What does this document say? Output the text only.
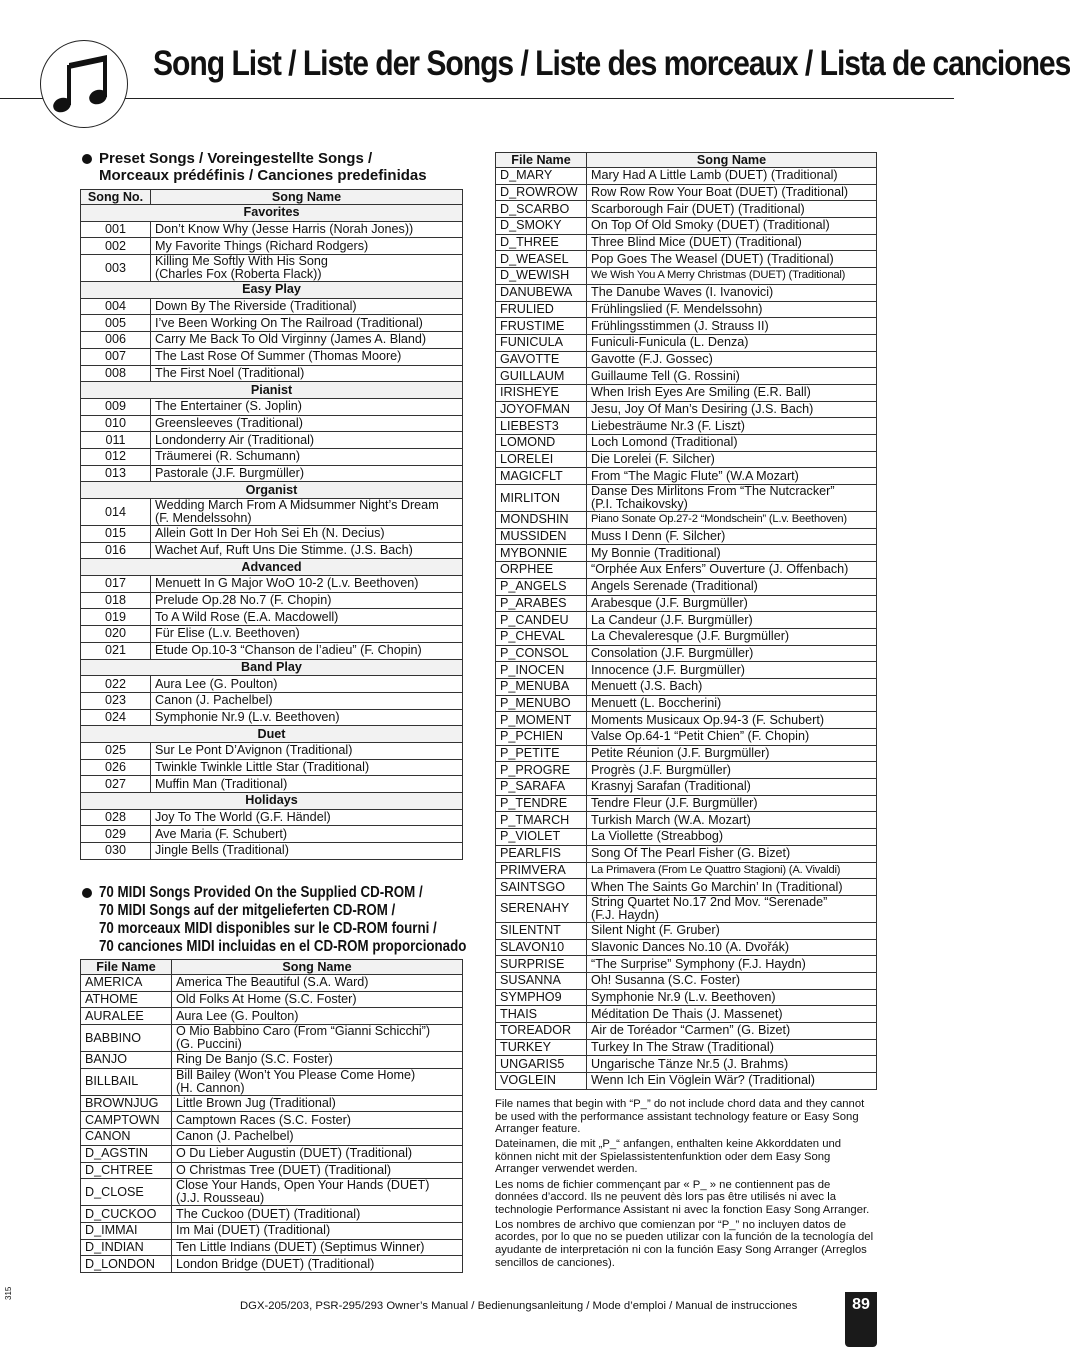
Song List / Liste der Songs / Liste des morceaux / Lista de canciones
Preset Songs / Voreingestellte Songs /
Morceaux prédéfinis / Canciones predefinidas
Song No.	Song Name
Favorites	
001	Don’t Know Why (Jesse Harris (Norah Jones))

002	My Favorite Things (Richard Rodgers)

003	Killing Me Softly With His Song
(Charles Fox (Roberta Flack))

Easy Play	
004	Down By The Riverside (Traditional)

005	I’ve Been Working On The Railroad (Traditional)

006	Carry Me Back To Old Virginny (James A. Bland)

007	The Last Rose Of Summer (Thomas Moore)

008	The First Noel (Traditional)

Pianist	
009	The Entertainer (S. Joplin)

010	Greensleeves (Traditional)

011	Londonderry Air (Traditional)

012	Träumerei (R. Schumann)

013	Pastorale (J.F. Burgmüller)

Organist	
014	Wedding March From A Midsummer Night’s Dream
(F. Mendelssohn)

015	Allein Gott In Der Hoh Sei Eh (N. Decius)

016	Wachet Auf, Ruft Uns Die Stimme. (J.S. Bach)

Advanced	
017	Menuett In G Major WoO 10-2 (L.v. Beethoven)

018	Prelude Op.28 No.7 (F. Chopin)

019	To A Wild Rose (E.A. Macdowell)

020	Für Elise (L.v. Beethoven)

021	Etude Op.10-3 “Chanson de l’adieu” (F. Chopin)

Band Play	
022	Aura Lee (G. Poulton)

023	Canon (J. Pachelbel)

024	Symphonie Nr.9 (L.v. Beethoven)

Duet	
025	Sur Le Pont D’Avignon (Traditional)

026	Twinkle Twinkle Little Star (Traditional)

027	Muffin Man (Traditional)

Holidays	
028	Joy To The World (G.F. Händel)

029	Ave Maria (F. Schubert)

030	Jingle Bells (Traditional)
70 MIDI Songs Provided On the Supplied CD-ROM /
70 MIDI Songs auf der mitgelieferten CD-ROM /
70 morceaux MIDI disponibles sur le CD-ROM fourni /
70 canciones MIDI incluidas en el CD-ROM proporcionado
File Name	Song Name
AMERICA	America The Beautiful (S.A. Ward)

ATHOME	Old Folks At Home (S.C. Foster)

AURALEE	Aura Lee (G. Poulton)

BABBINO	O Mio Babbino Caro (From “Gianni Schicchi”)
(G. Puccini)

BANJO	Ring De Banjo (S.C. Foster)

BILLBAIL	Bill Bailey (Won’t You Please Come Home)
(H. Cannon)

BROWNJUG	Little Brown Jug (Traditional)

CAMPTOWN	Camptown Races (S.C. Foster)

CANON	Canon (J. Pachelbel)

D_AGSTIN	O Du Lieber Augustin (DUET) (Traditional)

D_CHTREE	O Christmas Tree (DUET) (Traditional)

D_CLOSE	Close Your Hands, Open Your Hands (DUET)
(J.J. Rousseau)

D_CUCKOO	The Cuckoo (DUET) (Traditional)

D_IMMAI	Im Mai (DUET) (Traditional)

D_INDIAN	Ten Little Indians (DUET) (Septimus Winner)

D_LONDON	London Bridge (DUET) (Traditional)
File Name	Song Name
D_MARY	Mary Had A Little Lamb (DUET) (Traditional)

D_ROWROW	Row Row Row Your Boat (DUET) (Traditional)

D_SCARBO	Scarborough Fair (DUET) (Traditional)

D_SMOKY	On Top Of Old Smoky (DUET) (Traditional)

D_THREE	Three Blind Mice (DUET) (Traditional)

D_WEASEL	Pop Goes The Weasel (DUET) (Traditional)

D_WEWISH	We Wish You A Merry Christmas (DUET) (Traditional)

DANUBEWA	The Danube Waves (I. Ivanovici)

FRULIED	Frühlingslied (F. Mendelssohn)

FRUSTIME	Frühlingsstimmen (J. Strauss II)

FUNICULA	Funiculi-Funicula (L. Denza)

GAVOTTE	Gavotte (F.J. Gossec)

GUILLAUM	Guillaume Tell (G. Rossini)

IRISHEYE	When Irish Eyes Are Smiling (E.R. Ball)

JOYOFMAN	Jesu, Joy Of Man’s Desiring (J.S. Bach)

LIEBEST3	Liebesträume Nr.3 (F. Liszt)

LOMOND	Loch Lomond (Traditional)

LORELEI	Die Lorelei (F. Silcher)

MAGICFLT	From “The Magic Flute” (W.A Mozart)

MIRLITON	Danse Des Mirlitons From “The Nutcracker”
(P.I. Tchaikovsky)

MONDSHIN	Piano Sonate Op.27-2 “Mondschein” (L.v. Beethoven)

MUSSIDEN	Muss I Denn (F. Silcher)

MYBONNIE	My Bonnie (Traditional)

ORPHEE	“Orphée Aux Enfers” Ouverture (J. Offenbach)

P_ANGELS	Angels Serenade (Traditional)

P_ARABES	Arabesque (J.F. Burgmüller)

P_CANDEU	La Candeur (J.F. Burgmüller)

P_CHEVAL	La Chevaleresque (J.F. Burgmüller)

P_CONSOL	Consolation (J.F. Burgmüller)

P_INOCEN	Innocence (J.F. Burgmüller)

P_MENUBA	Menuett (J.S. Bach)

P_MENUBO	Menuett (L. Boccherini)

P_MOMENT	Moments Musicaux Op.94-3 (F. Schubert)

P_PCHIEN	Valse Op.64-1 “Petit Chien” (F. Chopin)

P_PETITE	Petite Réunion (J.F. Burgmüller)

P_PROGRE	Progrès (J.F. Burgmüller)

P_SARAFA	Krasnyj Sarafan (Traditional)

P_TENDRE	Tendre Fleur (J.F. Burgmüller)

P_TMARCH	Turkish March (W.A. Mozart)

P_VIOLET	La Viollette (Streabbog)

PEARLFIS	Song Of The Pearl Fisher (G. Bizet)

PRIMVERA	La Primavera (From Le Quattro Stagioni) (A. Vivaldi)

SAINTSGO	When The Saints Go Marchin’ In (Traditional)

SERENAHY	String Quartet No.17 2nd Mov. “Serenade”
(F.J. Haydn)

SILENTNT	Silent Night (F. Gruber)

SLAVON10	Slavonic Dances No.10 (A. Dvořák)

SURPRISE	“The Surprise” Symphony (F.J. Haydn)

SUSANNA	Oh! Susanna (S.C. Foster)

SYMPHO9	Symphonie Nr.9 (L.v. Beethoven)

THAIS	Méditation De Thais (J. Massenet)

TOREADOR	Air de Toréador “Carmen” (G. Bizet)

TURKEY	Turkey In The Straw (Traditional)

UNGARIS5	Ungarische Tänze Nr.5 (J. Brahms)

VOGLEIN	Wenn Ich Ein Vöglein Wär? (Traditional)

File names that begin with “P_” do not include chord data and they cannot be used with the performance assistant technology feature or Easy Song Arranger feature.

Dateinamen, die mit „P_“ anfangen, enthalten keine Akkorddaten und können nicht mit der Spielassistentenfunktion oder dem Easy Song Arranger verwendet werden.

Les noms de fichier commençant par « P_ » ne contiennent pas de données d’accord. Ils ne peuvent dès lors pas être utilisés ni avec la technologie Performance Assistant ni avec la fonction Easy Song Arranger.

Los nombres de archivo que comienzan por “P_” no incluyen datos de acordes, por lo que no se pueden utilizar con la función de la tecnología del ayudante de interpretación ni con la función Easy Song Arranger (Arreglos sencillos de canciones).

DGX-205/203, PSR-295/293 Owner’s Manual / Bedienungsanleitung / Mode d’emploi / Manual de instrucciones	89
315
